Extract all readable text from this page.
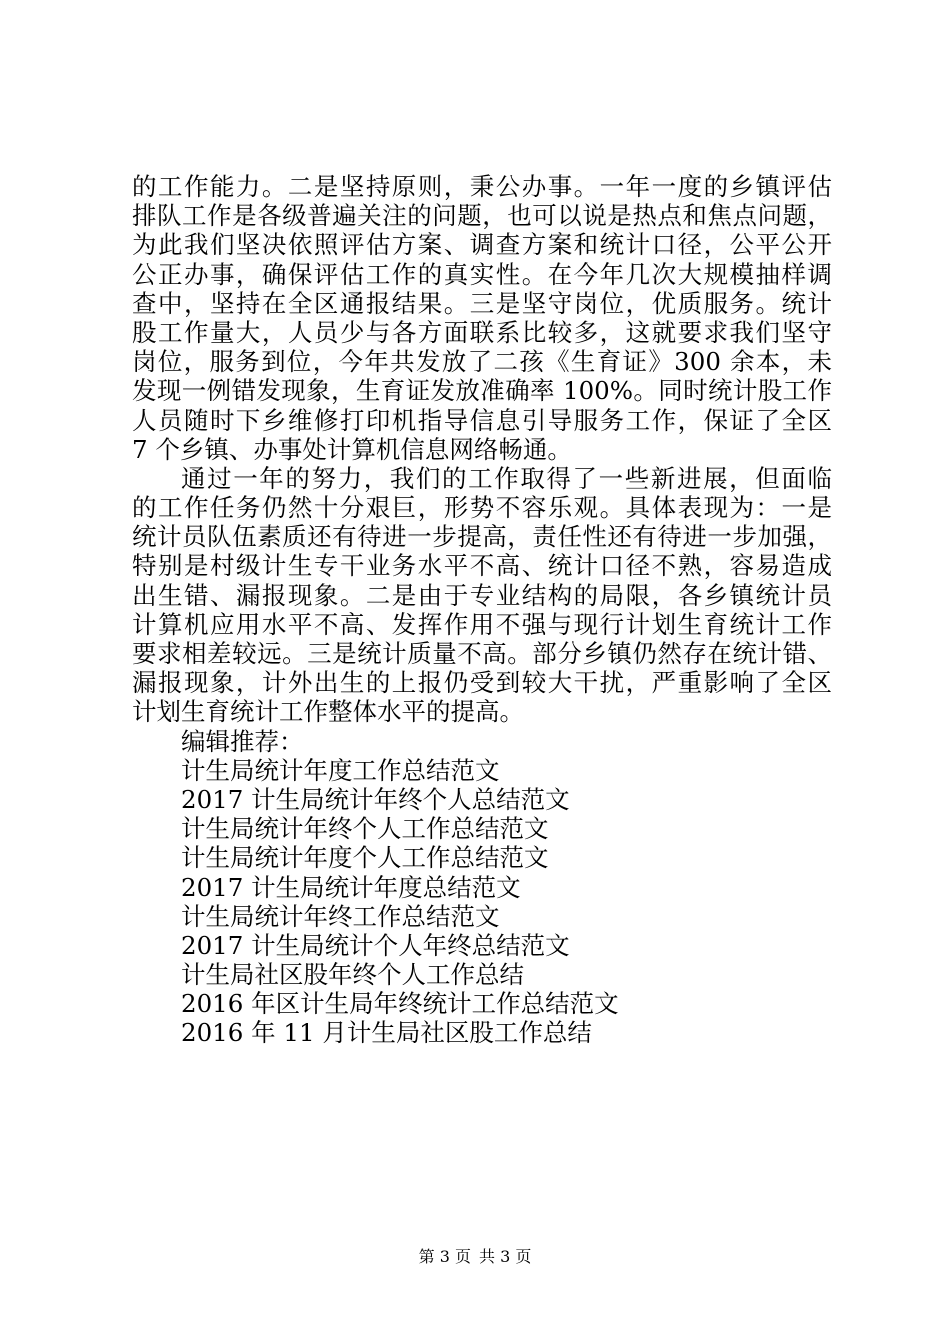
的工作能力。二是坚持原则，秉公办事。一年一度的乡镇评估
排队工作是各级普遍关注的问题，也可以说是热点和焦点问题，
为此我们坚决依照评估方案、调查方案和统计口径，公平公开
公正办事，确保评估工作的真实性。在今年几次大规模抽样调
查中，坚持在全区通报结果。三是坚守岗位，优质服务。统计
股工作量大，人员少与各方面联系比较多，这就要求我们坚守
岗位，服务到位，今年共发放了二孩《生育证》300 余本，未
发现一例错发现象，生育证发放准确率 100%。同时统计股工作
人员随时下乡维修打印机指导信息引导服务工作，保证了全区
7 个乡镇、办事处计算机信息网络畅通。
通过一年的努力，我们的工作取得了一些新进展，但面临
的工作任务仍然十分艰巨，形势不容乐观。具体表现为：一是
统计员队伍素质还有待进一步提高，责任性还有待进一步加强，
特别是村级计生专干业务水平不高、统计口径不熟，容易造成
出生错、漏报现象。二是由于专业结构的局限，各乡镇统计员
计算机应用水平不高、发挥作用不强与现行计划生育统计工作
要求相差较远。三是统计质量不高。部分乡镇仍然存在统计错、
漏报现象，计外出生的上报仍受到较大干扰，严重影响了全区
计划生育统计工作整体水平的提高。
编辑推荐：
计生局统计年度工作总结范文
2017 计生局统计年终个人总结范文
计生局统计年终个人工作总结范文
计生局统计年度个人工作总结范文
2017 计生局统计年度总结范文
计生局统计年终工作总结范文
2017 计生局统计个人年终总结范文
计生局社区股年终个人工作总结
2016 年区计生局年终统计工作总结范文
2016 年 11 月计生局社区股工作总结
第 3 页 共 3 页
